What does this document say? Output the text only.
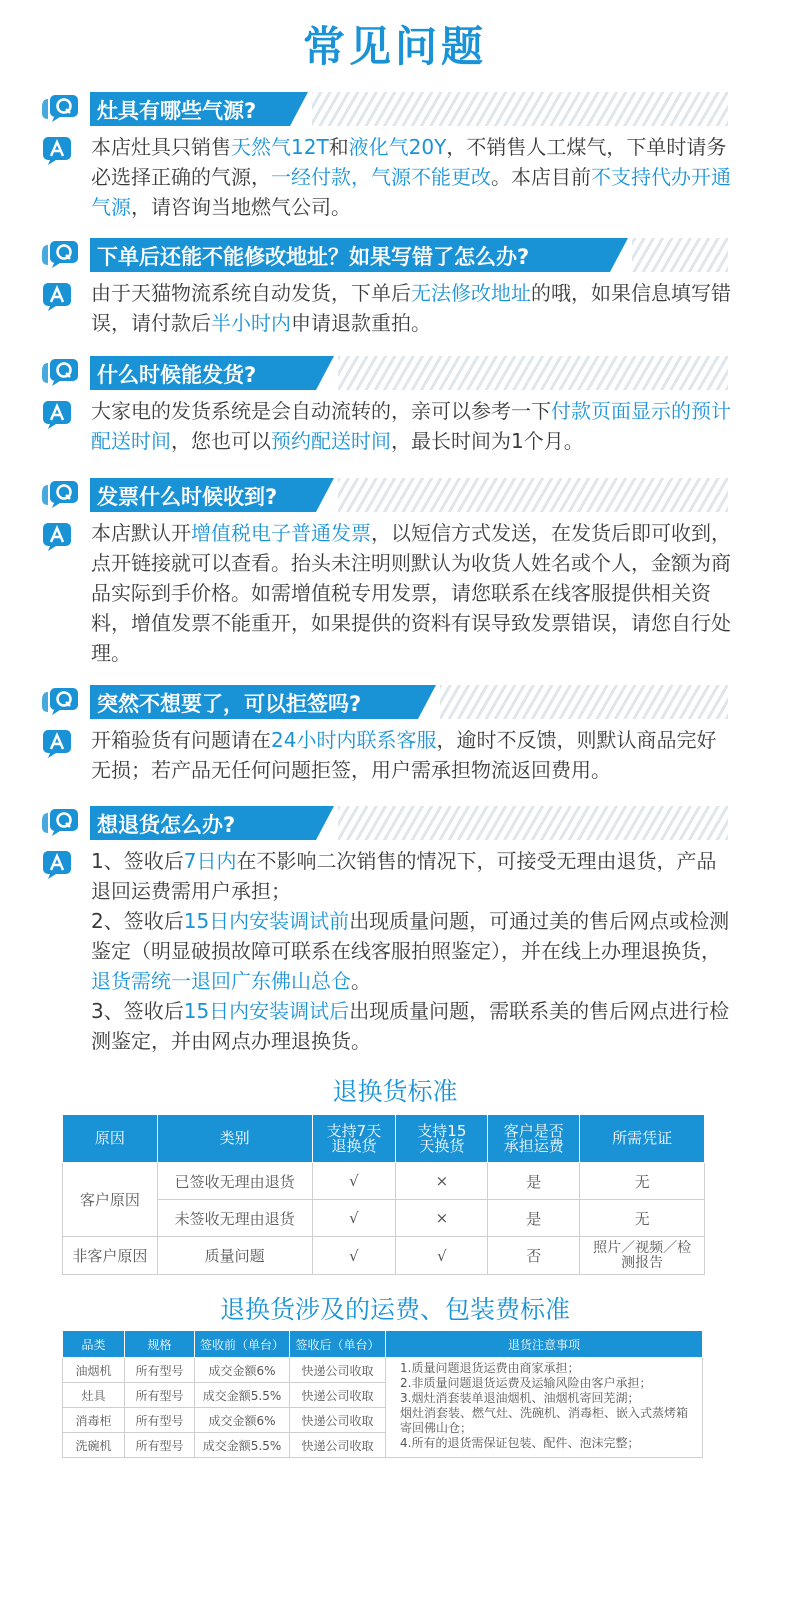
常见问题
灶具有哪些气源?

本店灶具只销售天然气12T和液化气20Y，不销售人工煤气，下单时请务必选择正确的气源，一经付款，气源不能更改。本店目前不支持代办开通气源，请咨询当地燃气公司。

下单后还能不能修改地址？如果写错了怎么办?

由于天猫物流系统自动发货，下单后无法修改地址的哦，如果信息填写错误，请付款后半小时内申请退款重拍。

什么时候能发货?

大家电的发货系统是会自动流转的，亲可以参考一下付款页面显示的预计配送时间，您也可以预约配送时间，最长时间为1个月。

发票什么时候收到?

本店默认开增值税电子普通发票，以短信方式发送，在发货后即可收到，点开链接就可以查看。抬头未注明则默认为收货人姓名或个人，金额为商品实际到手价格。如需增值税专用发票，请您联系在线客服提供相关资料，增值发票不能重开，如果提供的资料有误导致发票错误，请您自行处理。

突然不想要了，可以拒签吗?

开箱验货有问题请在24小时内联系客服，逾时不反馈，则默认商品完好无损；若产品无任何问题拒签，用户需承担物流返回费用。

想退货怎么办?

1、签收后7日内在不影响二次销售的情况下，可接受无理由退货，产品退回运费需用户承担；

2、签收后15日内安装调试前出现质量问题，可通过美的售后网点或检测鉴定（明显破损故障可联系在线客服拍照鉴定），并在线上办理退换货，退货需统一退回广东佛山总仓。

3、签收后15日内安装调试后出现质量问题，需联系美的售后网点进行检测鉴定，并由网点办理退换货。

退换货标准
原因	类别	支持7天退换货	支持15天换货	客户是否承担运费	所需凭证
客户原因	已签收无理由退货	√	×	是	无
	未签收无理由退货	√	×	是	无
非客户原因	质量问题	√	√	否	照片／视频／检测报告
退换货涉及的运费、包装费标准
品类	规格	签收前（单台）	签收后（单台）	退货注意事项
油烟机	所有型号	成交金额6%	快递公司收取	1.质量问题退货运费由商家承担；
2.非质量问题退货运费及运输风险由客户承担；
3.烟灶消套装单退油烟机、油烟机寄回芜湖；
烟灶消套装、燃气灶、洗碗机、消毒柜、嵌入式蒸烤箱寄回佛山仓；
4.所有的退货需保证包装、配件、泡沫完整；

灶具	所有型号	成交金额5.5%	快递公司收取	
消毒柜	所有型号	成交金额6%	快递公司收取	
洗碗机	所有型号	成交金额5.5%	快递公司收取	
